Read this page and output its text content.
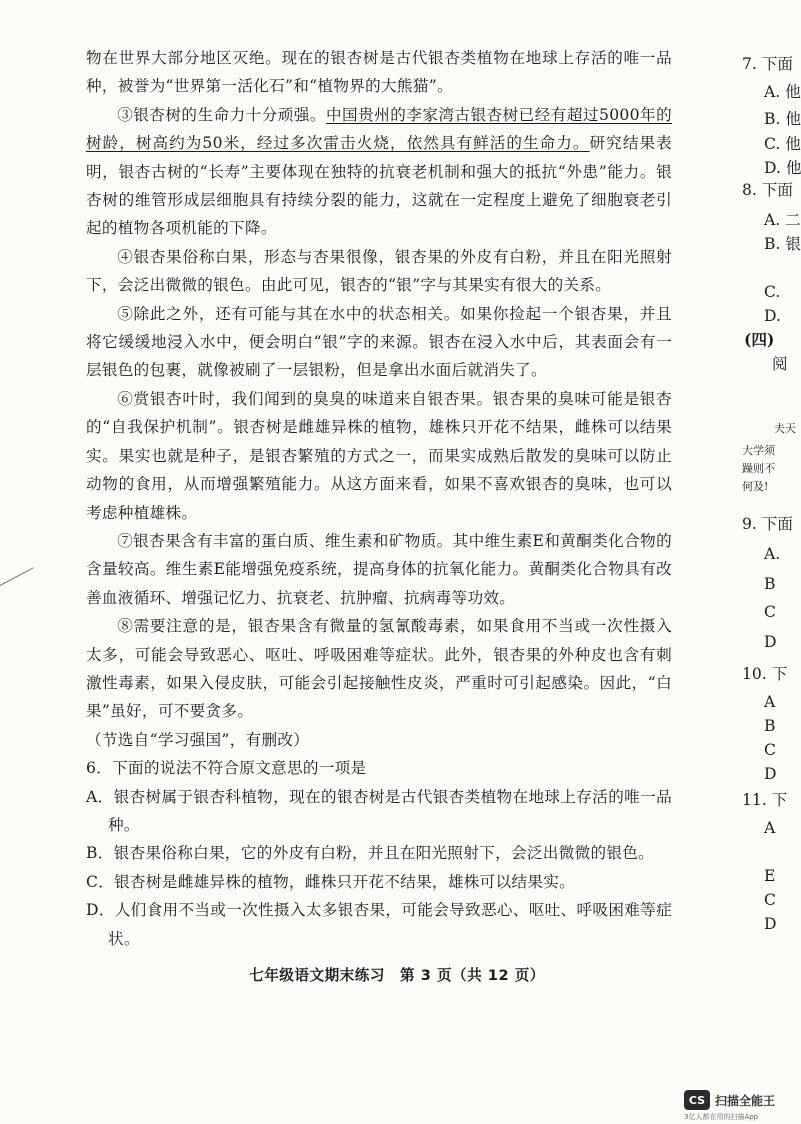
物在世界大部分地区灭绝。现在的银杏树是古代银杏类植物在地球上存活的唯一品种，被誉为“世界第一活化石”和“植物界的大熊猫”。

③银杏树的生命力十分顽强。中国贵州的李家湾古银杏树已经有超过5000年的树龄，树高约为50米，经过多次雷击火烧，依然具有鲜活的生命力。研究结果表明，银杏古树的“长寿”主要体现在独特的抗衰老机制和强大的抵抗“外患”能力。银杏树的维管形成层细胞具有持续分裂的能力，这就在一定程度上避免了细胞衰老引起的植物各项机能的下降。

④银杏果俗称白果，形态与杏果很像，银杏果的外皮有白粉，并且在阳光照射下，会泛出微微的银色。由此可见，银杏的“银”字与其果实有很大的关系。

⑤除此之外，还有可能与其在水中的状态相关。如果你捡起一个银杏果，并且将它缓缓地浸入水中，便会明白“银”字的来源。银杏在浸入水中后，其表面会有一层银色的包裹，就像被刷了一层银粉，但是拿出水面后就消失了。

⑥赏银杏叶时，我们闻到的臭臭的味道来自银杏果。银杏果的臭味可能是银杏的“自我保护机制”。银杏树是雌雄异株的植物，雄株只开花不结果，雌株可以结果实。果实也就是种子，是银杏繁殖的方式之一，而果实成熟后散发的臭味可以防止动物的食用，从而增强繁殖能力。从这方面来看，如果不喜欢银杏的臭味，也可以考虑种植雄株。

⑦银杏果含有丰富的蛋白质、维生素和矿物质。其中维生素E和黄酮类化合物的含量较高。维生素E能增强免疫系统，提高身体的抗氧化能力。黄酮类化合物具有改善血液循环、增强记忆力、抗衰老、抗肿瘤、抗病毒等功效。

⑧需要注意的是，银杏果含有微量的氢氰酸毒素，如果食用不当或一次性摄入太多，可能会导致恶心、呕吐、呼吸困难等症状。此外，银杏果的外种皮也含有刺激性毒素，如果入侵皮肤，可能会引起接触性皮炎，严重时可引起感染。因此，“白果”虽好，可不要贪多。

（节选自“学习强国”，有删改）

6．下面的说法不符合原文意思的一项是

A．银杏树属于银杏科植物，现在的银杏树是古代银杏类植物在地球上存活的唯一品种。

B．银杏果俗称白果，它的外皮有白粉，并且在阳光照射下，会泛出微微的银色。

C．银杏树是雌雄异株的植物，雌株只开花不结果，雄株可以结果实。

D．人们食用不当或一次性摄入太多银杏果，可能会导致恶心、呕吐、呼吸困难等症状。

七年级语文期末练习　第 3 页（共 12 页）
7. 下面
A. 他
B. 他
C. 他
D. 他
8. 下面
A. 二
B. 银
C.
D.
(四)
阅
夫天
大学须
躁则不
何及!
9. 下面
A.
B
C
D
10. 下
A
B
C
D
11. 下
A
E
C
D
CS 扫描全能王
3亿人都在用的扫描App
